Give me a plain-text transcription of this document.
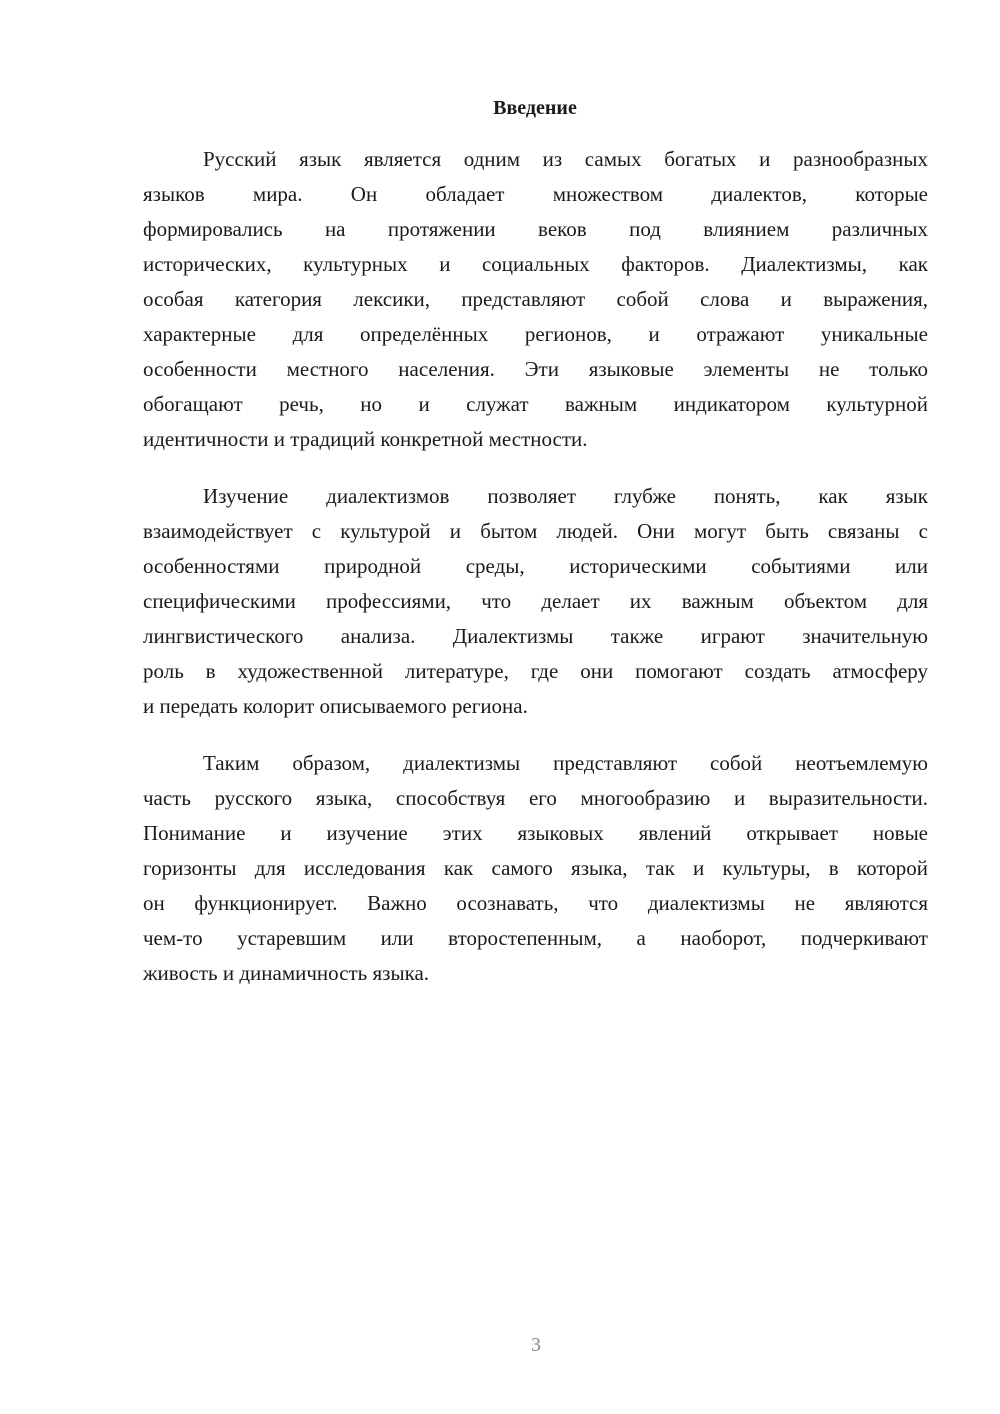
Введение
Русский язык является одним из самых богатых и разнообразных
языков мира. Он обладает множеством диалектов, которые
формировались на протяжении веков под влиянием различных
исторических, культурных и социальных факторов. Диалектизмы, как
особая категория лексики, представляют собой слова и выражения,
характерные для определённых регионов, и отражают уникальные
особенности местного населения. Эти языковые элементы не только
обогащают речь, но и служат важным индикатором культурной
идентичности и традиций конкретной местности.
Изучение диалектизмов позволяет глубже понять, как язык
взаимодействует с культурой и бытом людей. Они могут быть связаны с
особенностями природной среды, историческими событиями или
специфическими профессиями, что делает их важным объектом для
лингвистического анализа. Диалектизмы также играют значительную
роль в художественной литературе, где они помогают создать атмосферу
и передать колорит описываемого региона.
Таким образом, диалектизмы представляют собой неотъемлемую
часть русского языка, способствуя его многообразию и выразительности.
Понимание и изучение этих языковых явлений открывает новые
горизонты для исследования как самого языка, так и культуры, в которой
он функционирует. Важно осознавать, что диалектизмы не являются
чем-то устаревшим или второстепенным, а наоборот, подчеркивают
живость и динамичность языка.
3
